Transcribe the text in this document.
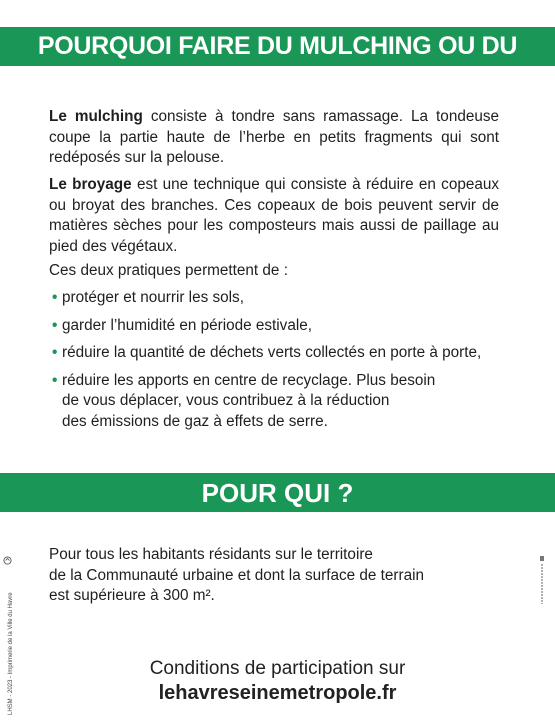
POURQUOI FAIRE DU MULCHING OU DU BROYAGE ?

Le mulching consiste à tondre sans ramassage. La tondeuse coupe la partie haute de l’herbe en petits fragments qui sont redéposés sur la pelouse.

Le broyage est une technique qui consiste à réduire en copeaux ou broyat des branches. Ces copeaux de bois peuvent servir de matières sèches pour les composteurs mais aussi de paillage au pied des végétaux.

Ces deux pratiques permettent de :

• protéger et nourrir les sols,
• garder l’humidité en période estivale,
• réduire la quantité de déchets verts collectés en porte à porte,
• réduire les apports en centre de recyclage. Plus besoin
de vous déplacer, vous contribuez à la réduction
des émissions de gaz à effets de serre.
POUR QUI ?

Pour tous les habitants résidants sur le territoire
de la Communauté urbaine et dont la surface de terrain
est supérieure à 300 m².

LHSM - 2023 - Imprimerie de la Ville du Havre	Conditions de participation sur
lehavreseinemetropole.fr
